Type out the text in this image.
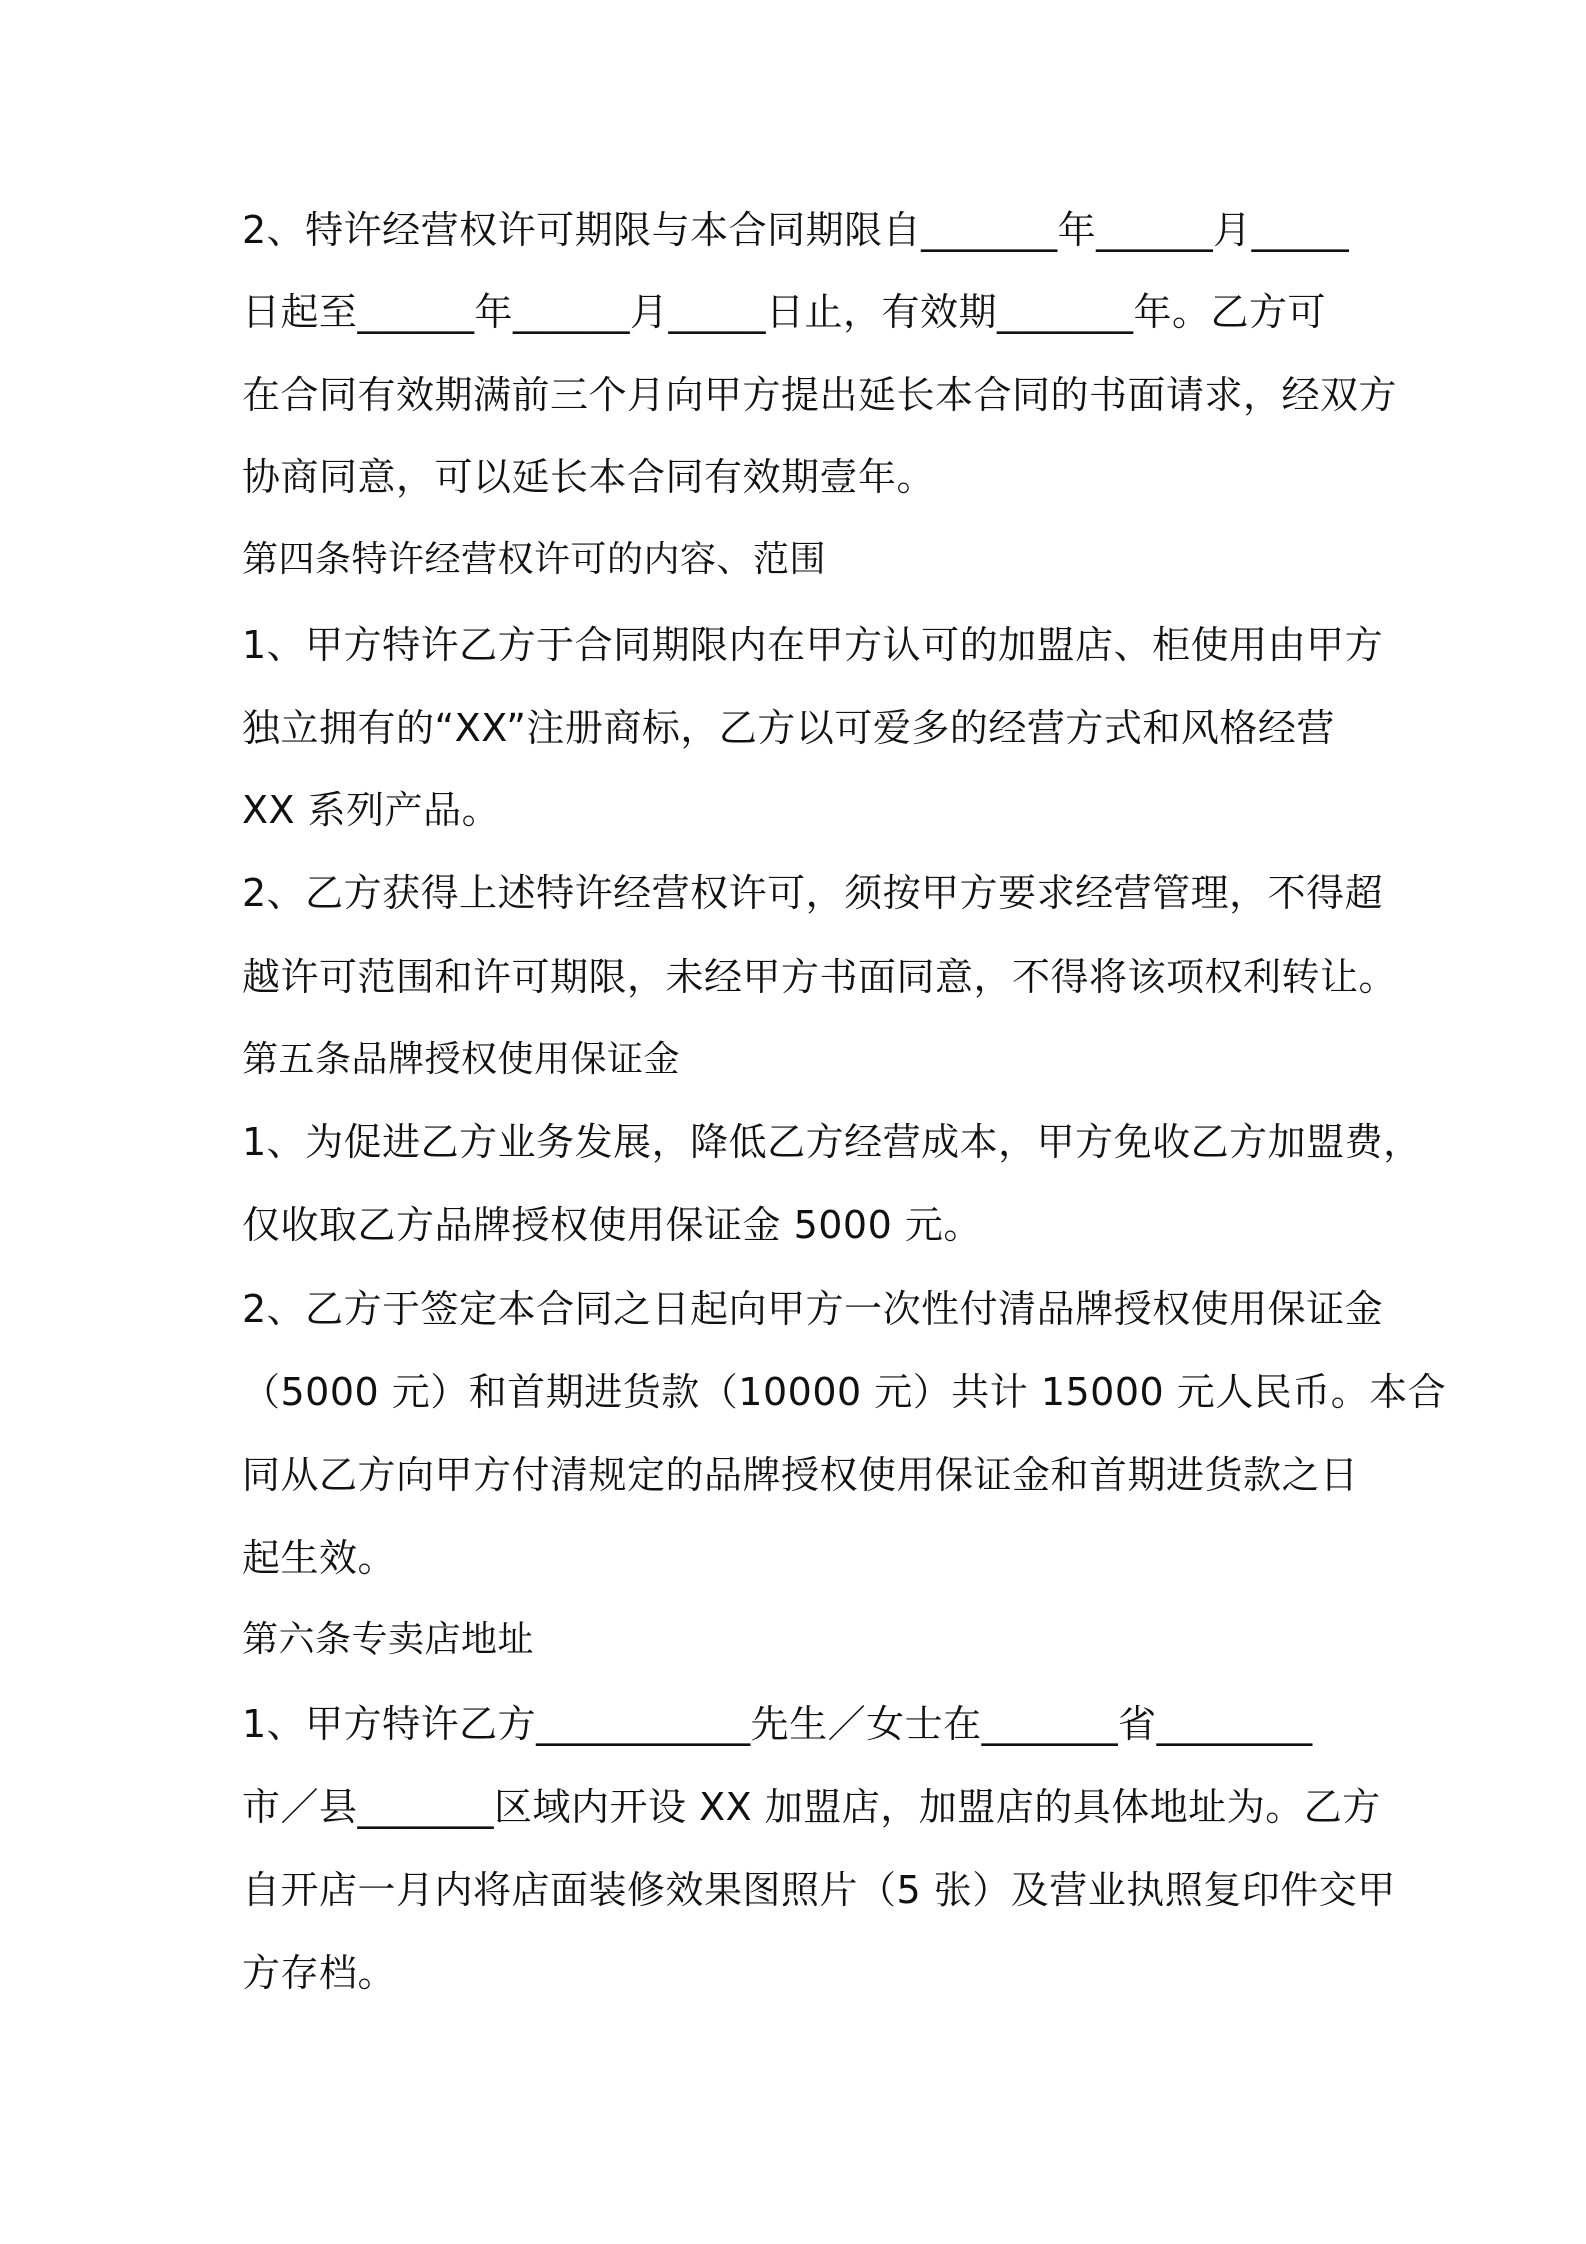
2、特许经营权许可期限与本合同期限自_______年______月_____
日起至______年______月_____日止，有效期_______年。乙方可
在合同有效期满前三个月向甲方提出延长本合同的书面请求，经双方
协商同意，可以延长本合同有效期壹年。
第四条特许经营权许可的内容、范围
1、甲方特许乙方于合同期限内在甲方认可的加盟店、柜使用由甲方
独立拥有的“XX”注册商标，乙方以可爱多的经营方式和风格经营
XX 系列产品。
2、乙方获得上述特许经营权许可，须按甲方要求经营管理，不得超
越许可范围和许可期限，未经甲方书面同意，不得将该项权利转让。
第五条品牌授权使用保证金
1、为促进乙方业务发展，降低乙方经营成本，甲方免收乙方加盟费，
仅收取乙方品牌授权使用保证金 5000 元。
2、乙方于签定本合同之日起向甲方一次性付清品牌授权使用保证金
（5000 元）和首期进货款（10000 元）共计 15000 元人民币。本合
同从乙方向甲方付清规定的品牌授权使用保证金和首期进货款之日
起生效。
第六条专卖店地址
1、甲方特许乙方___________先生／女士在_______省________
市／县_______区域内开设 XX 加盟店，加盟店的具体地址为。乙方
自开店一月内将店面装修效果图照片（5 张）及营业执照复印件交甲
方存档。
